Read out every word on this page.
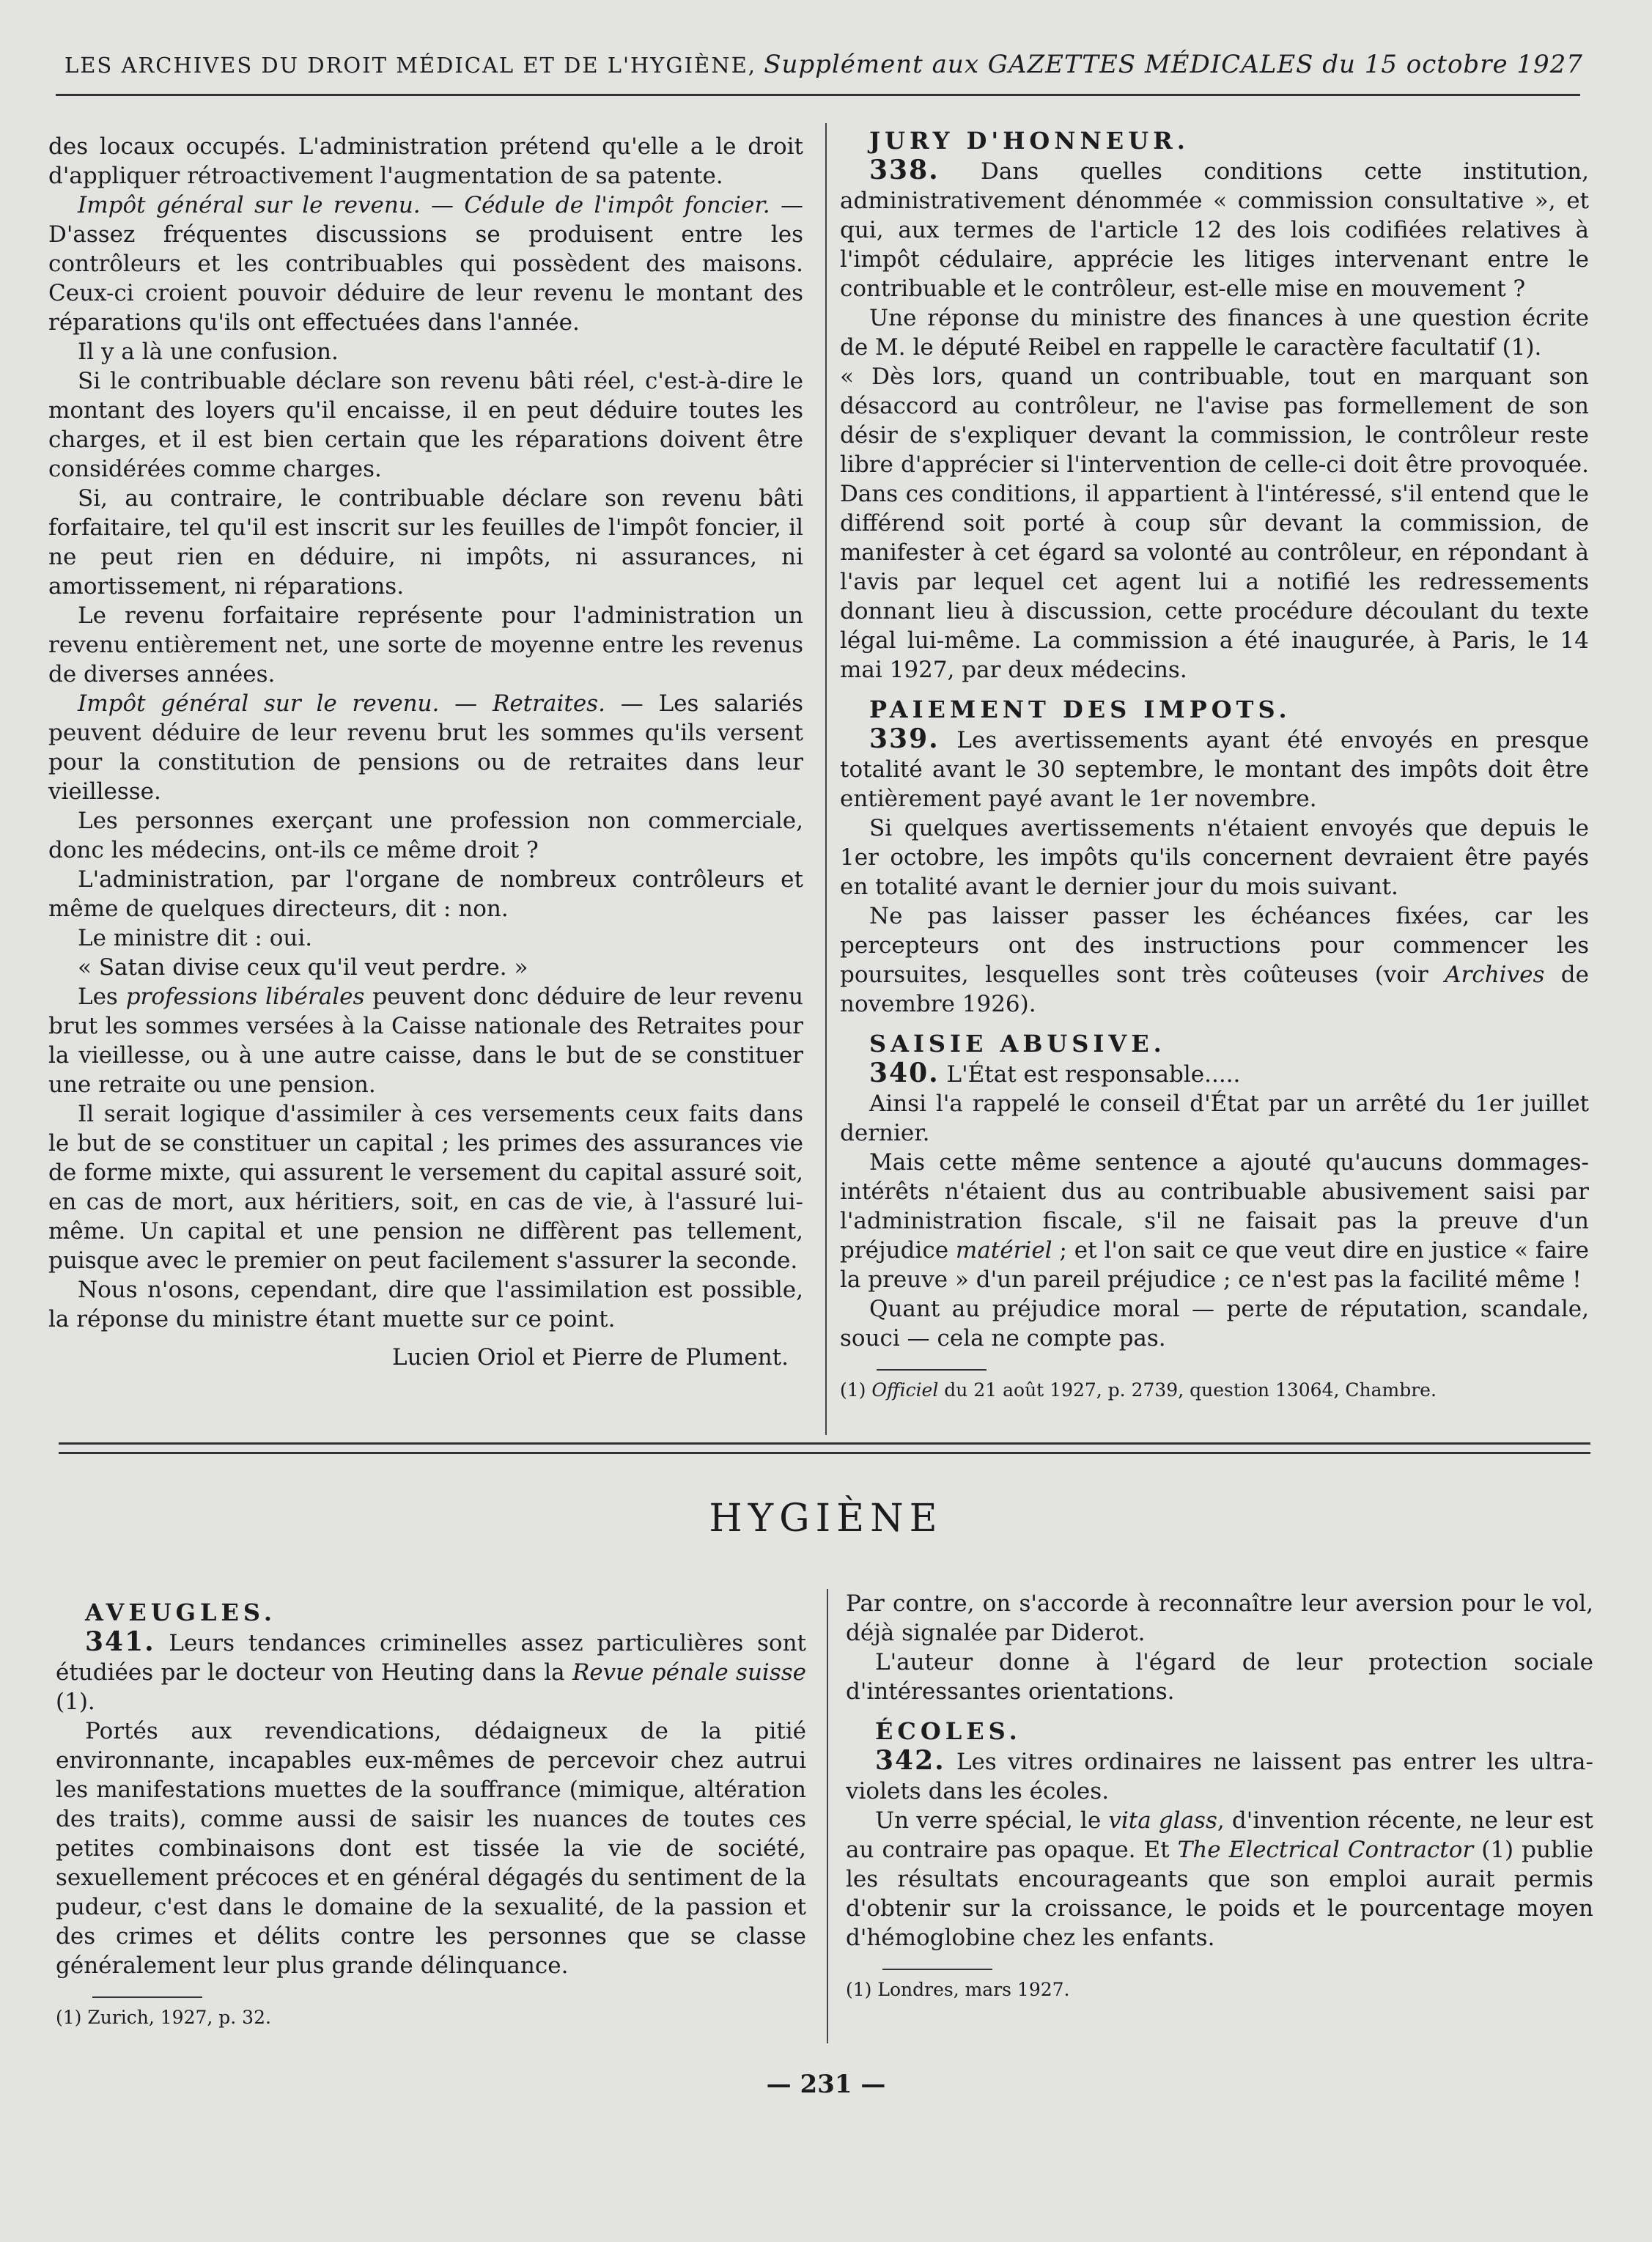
LES ARCHIVES DU DROIT MÉDICAL ET DE L'HYGIÈNE, Supplément aux GAZETTES MÉDICALES du 15 octobre 1927

des locaux occupés. L'administration prétend qu'elle a le droit d'appliquer rétroactivement l'augmentation de sa patente.

Impôt général sur le revenu. — Cédule de l'impôt foncier. — D'assez fréquentes discussions se produisent entre les contrôleurs et les contribuables qui possèdent des maisons. Ceux-ci croient pouvoir déduire de leur revenu le montant des réparations qu'ils ont effectuées dans l'année.

Il y a là une confusion.

Si le contribuable déclare son revenu bâti réel, c'est-à-dire le montant des loyers qu'il encaisse, il en peut déduire toutes les charges, et il est bien certain que les réparations doivent être considérées comme charges.

Si, au contraire, le contribuable déclare son revenu bâti forfaitaire, tel qu'il est inscrit sur les feuilles de l'impôt foncier, il ne peut rien en déduire, ni impôts, ni assurances, ni amortissement, ni réparations.

Le revenu forfaitaire représente pour l'administration un revenu entièrement net, une sorte de moyenne entre les revenus de diverses années.

Impôt général sur le revenu. — Retraites. — Les salariés peuvent déduire de leur revenu brut les sommes qu'ils versent pour la constitution de pensions ou de retraites dans leur vieillesse.

Les personnes exerçant une profession non commerciale, donc les médecins, ont-ils ce même droit ?

L'administration, par l'organe de nombreux contrôleurs et même de quelques directeurs, dit : non.

Le ministre dit : oui.

« Satan divise ceux qu'il veut perdre. »

Les professions libérales peuvent donc déduire de leur revenu brut les sommes versées à la Caisse nationale des Retraites pour la vieillesse, ou à une autre caisse, dans le but de se constituer une retraite ou une pension.

Il serait logique d'assimiler à ces versements ceux faits dans le but de se constituer un capital ; les primes des assurances vie de forme mixte, qui assurent le versement du capital assuré soit, en cas de mort, aux héritiers, soit, en cas de vie, à l'assuré lui-même. Un capital et une pension ne diffèrent pas tellement, puisque avec le premier on peut facilement s'assurer la seconde.

Nous n'osons, cependant, dire que l'assimilation est possible, la réponse du ministre étant muette sur ce point.

Lucien Oriol et Pierre de Plument.

JURY D'HONNEUR.

338. Dans quelles conditions cette institution, administrativement dénommée « commission consultative », et qui, aux termes de l'article 12 des lois codifiées relatives à l'impôt cédulaire, apprécie les litiges intervenant entre le contribuable et le contrôleur, est-elle mise en mouvement ?

Une réponse du ministre des finances à une question écrite de M. le député Reibel en rappelle le caractère facultatif (1).

« Dès lors, quand un contribuable, tout en marquant son désaccord au contrôleur, ne l'avise pas formellement de son désir de s'expliquer devant la commission, le contrôleur reste libre d'apprécier si l'intervention de celle-ci doit être provoquée. Dans ces conditions, il appartient à l'intéressé, s'il entend que le différend soit porté à coup sûr devant la commission, de manifester à cet égard sa volonté au contrôleur, en répondant à l'avis par lequel cet agent lui a notifié les redressements donnant lieu à discussion, cette procédure découlant du texte légal lui-même. La commission a été inaugurée, à Paris, le 14 mai 1927, par deux médecins.

PAIEMENT DES IMPOTS.

339. Les avertissements ayant été envoyés en presque totalité avant le 30 septembre, le montant des impôts doit être entièrement payé avant le 1er novembre.

Si quelques avertissements n'étaient envoyés que depuis le 1er octobre, les impôts qu'ils concernent devraient être payés en totalité avant le dernier jour du mois suivant.

Ne pas laisser passer les échéances fixées, car les percepteurs ont des instructions pour commencer les poursuites, lesquelles sont très coûteuses (voir Archives de novembre 1926).

SAISIE ABUSIVE.

340. L'État est responsable.....

Ainsi l'a rappelé le conseil d'État par un arrêté du 1er juillet dernier.

Mais cette même sentence a ajouté qu'aucuns dommages-intérêts n'étaient dus au contribuable abusivement saisi par l'administration fiscale, s'il ne faisait pas la preuve d'un préjudice matériel ; et l'on sait ce que veut dire en justice « faire la preuve » d'un pareil préjudice ; ce n'est pas la facilité même !

Quant au préjudice moral — perte de réputation, scandale, souci — cela ne compte pas.

(1) Officiel du 21 août 1927, p. 2739, question 13064, Chambre.
HYGIÈNE

AVEUGLES.

341. Leurs tendances criminelles assez particulières sont étudiées par le docteur von Heuting dans la Revue pénale suisse (1).

Portés aux revendications, dédaigneux de la pitié environnante, incapables eux-mêmes de percevoir chez autrui les manifestations muettes de la souffrance (mimique, altération des traits), comme aussi de saisir les nuances de toutes ces petites combinaisons dont est tissée la vie de société, sexuellement précoces et en général dégagés du sentiment de la pudeur, c'est dans le domaine de la sexualité, de la passion et des crimes et délits contre les personnes que se classe généralement leur plus grande délinquance.

(1) Zurich, 1927, p. 32.

Par contre, on s'accorde à reconnaître leur aversion pour le vol, déjà signalée par Diderot.

L'auteur donne à l'égard de leur protection sociale d'intéressantes orientations.

ÉCOLES.

342. Les vitres ordinaires ne laissent pas entrer les ultra-violets dans les écoles.

Un verre spécial, le vita glass, d'invention récente, ne leur est au contraire pas opaque. Et The Electrical Contractor (1) publie les résultats encourageants que son emploi aurait permis d'obtenir sur la croissance, le poids et le pourcentage moyen d'hémoglobine chez les enfants.

(1) Londres, mars 1927.
— 231 —
